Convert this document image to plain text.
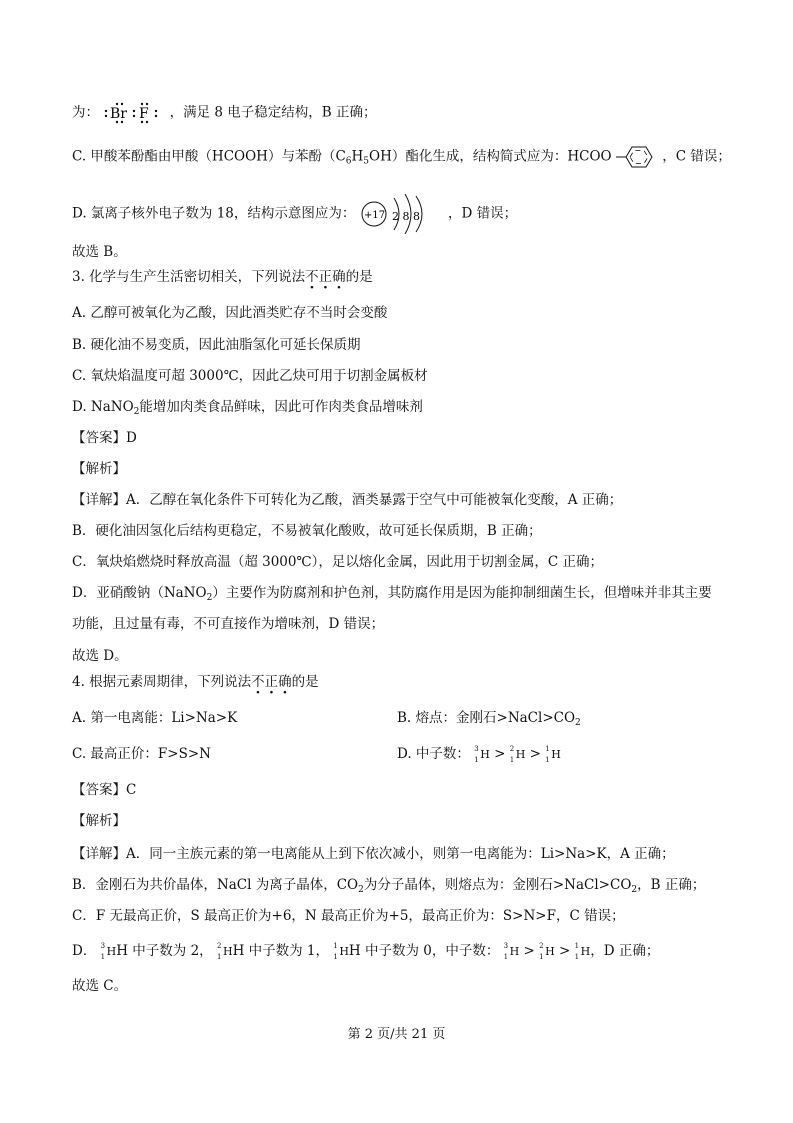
为： Br F ，满足 8 电子稳定结构，B 正确；
C. 甲酸苯酚酯由甲酸（HCOOH）与苯酚$(C_6H_5OH)$酯化生成，结构简式应为：HCOO	，C 错误；
D. 氯离子核外电子数为 18，结构示意图应为： +17 2 8 8 ，D 错误；
故选 B。
3. 化学与生产生活密切相关，下列说法不正确的是
A. 乙醇可被氧化为乙酸，因此酒类贮存不当时会变酸
B. 硬化油不易变质，因此油脂氢化可延长保质期
C. 氧炔焰温度可超 3000℃，因此乙炔可用于切割金属板材
D. NaNO$_2$能增加肉类食品鲜味，因此可作肉类食品增味剂
【答案】D
【解析】
【详解】A．乙醇在氧化条件下可转化为乙酸，酒类暴露于空气中可能被氧化变酸，A 正确；
B．硬化油因氢化后结构更稳定，不易被氧化酸败，故可延长保质期，B 正确；
C．氧炔焰燃烧时释放高温（超 3000℃），足以熔化金属，因此用于切割金属，C 正确；
D．亚硝酸钠（NaNO$_2$）主要作为防腐剂和护色剂，其防腐作用是因为能抑制细菌生长，但增味并非其主要
功能，且过量有毒，不可直接作为增味剂，D 错误；
故选 D。
4. 根据元素周期律，下列说法不正确的是
A. 第一电离能：Li>Na>K	B. 熔点：金刚石$>NaCl>CO_2$
C. 最高正价：F>S>N	D. 中子数： 3
1 H > 2
1 H > 1
1 H
【答案】C
【解析】
【详解】A．同一主族元素的第一电离能从上到下依次减小，则第一电离能为：Li>Na>K，A 正确；
B．金刚石为共价晶体，NaCl 为离子晶体，$CO_2$为分子晶体，则熔点为：金刚石$>NaCl>CO_2$，B 正确；
C．F 无最高正价，S 最高正价为+6，N 最高正价为+5，最高正价为：S>N>F，C 错误；
D． 3
1 HH 中子数为 2， 2
1 HH 中子数为 1， 1
1 HH 中子数为 0，中子数： 3
1 H > 2
1 H > 1
1 H，D 正确；
故选 C。
第 2 页/共 21 页
